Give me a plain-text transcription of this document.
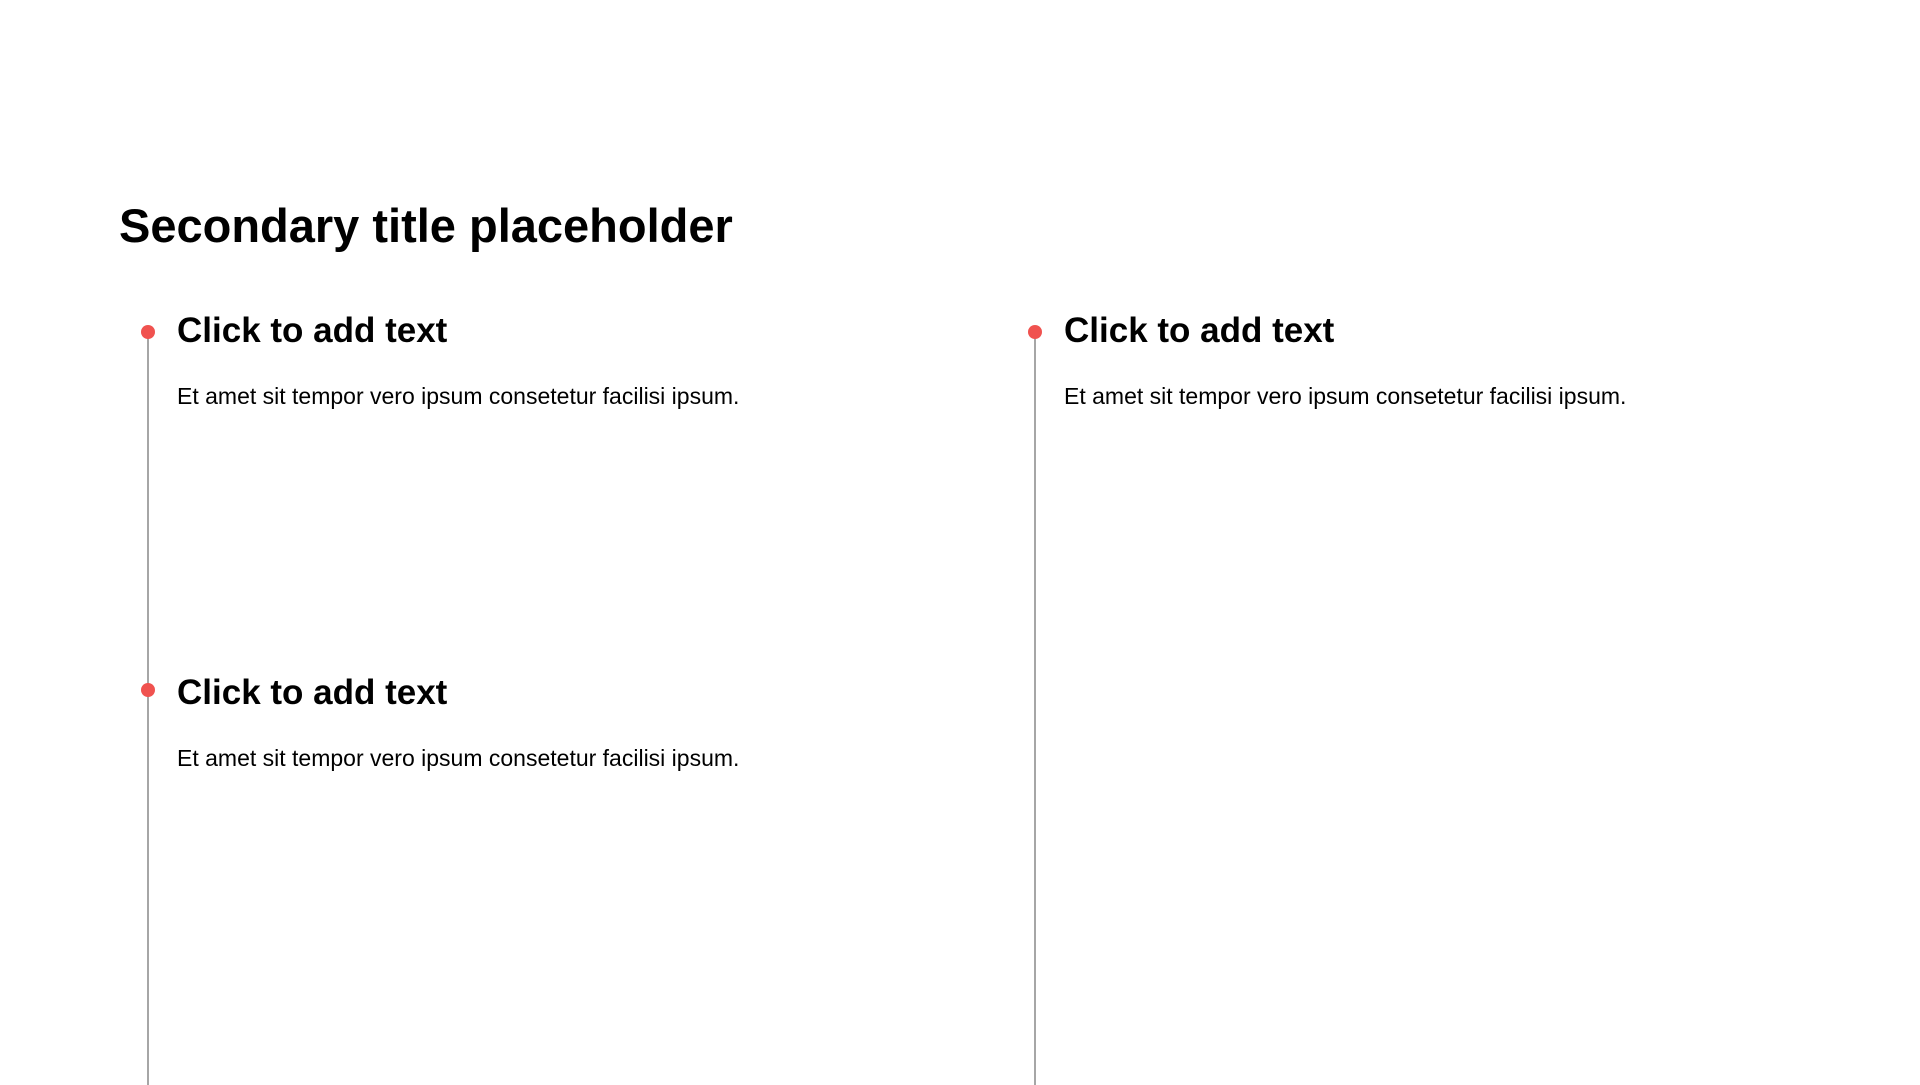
Secondary title placeholder
Click to add text
Et amet sit tempor vero ipsum consetetur facilisi ipsum.
Click to add text
Et amet sit tempor vero ipsum consetetur facilisi ipsum.
Click to add text
Et amet sit tempor vero ipsum consetetur facilisi ipsum.
